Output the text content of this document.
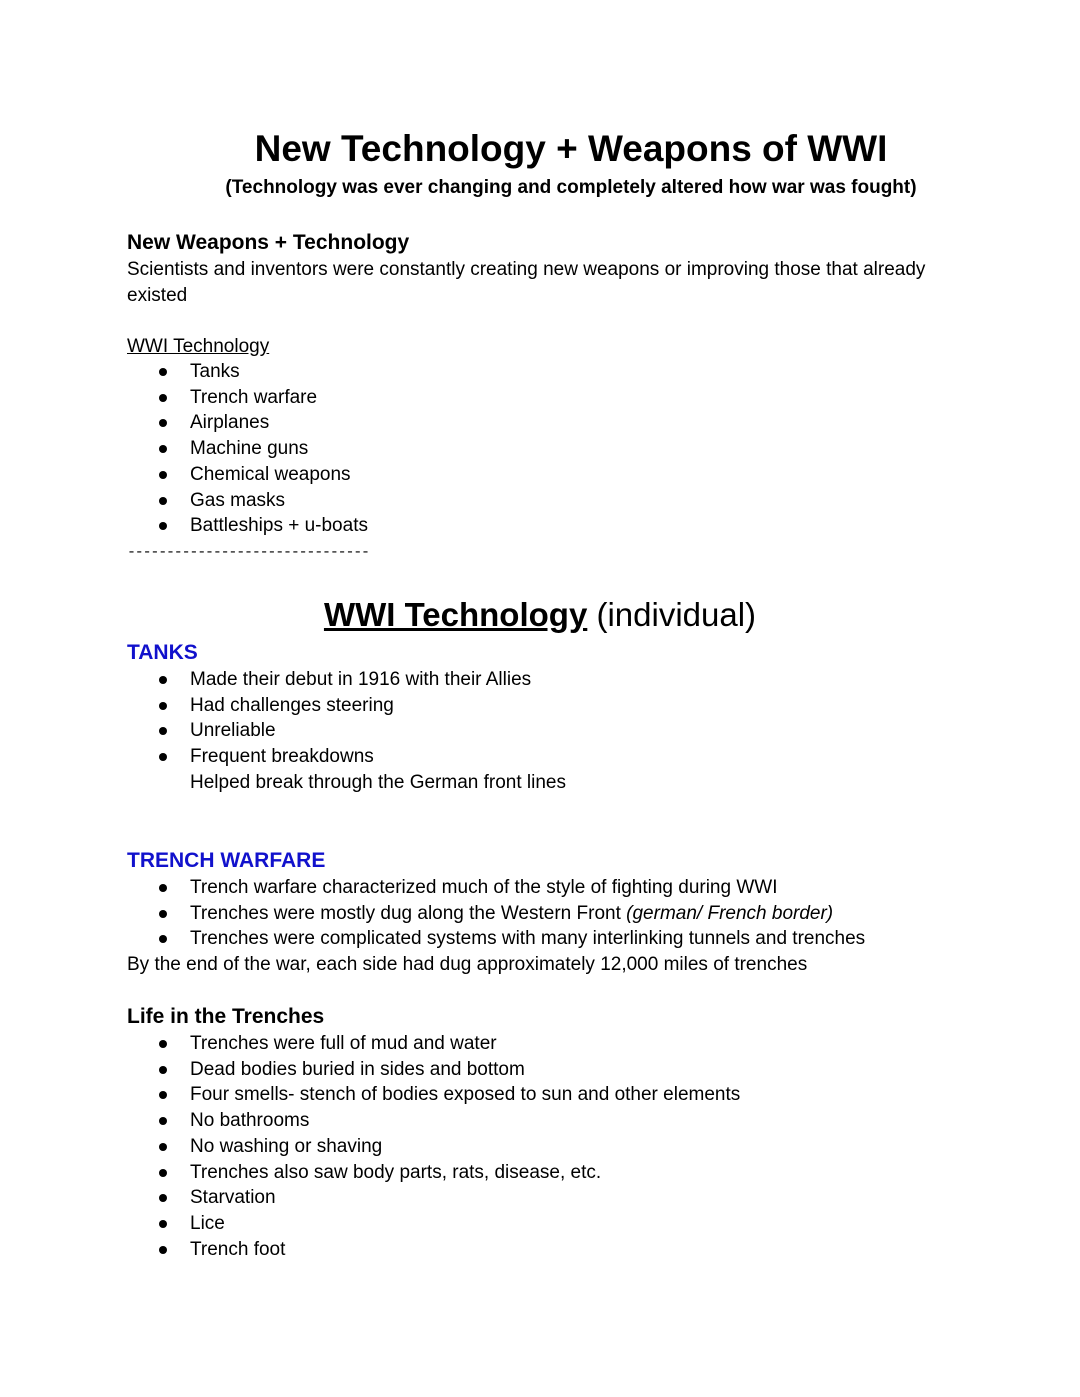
New Technology + Weapons of WWI
(Technology was ever changing and completely altered how war was fought)
New Weapons + Technology
Scientists and inventors were constantly creating new weapons or improving those that already existed
WWI Technology
Tanks
Trench warfare
Airplanes
Machine guns
Chemical weapons
Gas masks
Battleships + u-boats
-------------------------------
WWI Technology (individual)
TANKS
Made their debut in 1916 with their Allies
Had challenges steering
Unreliable
Frequent breakdowns
Helped break through the German front lines
TRENCH WARFARE
Trench warfare characterized much of the style of fighting during WWI
Trenches were mostly dug along the Western Front (german/ French border)
Trenches were complicated systems with many interlinking tunnels and trenches
By the end of the war, each side had dug approximately 12,000 miles of trenches
Life in the Trenches
Trenches were full of mud and water
Dead bodies buried in sides and bottom
Four smells- stench of bodies exposed to sun and other elements
No bathrooms
No washing or shaving
Trenches also saw body parts, rats, disease, etc.
Starvation
Lice
Trench foot
